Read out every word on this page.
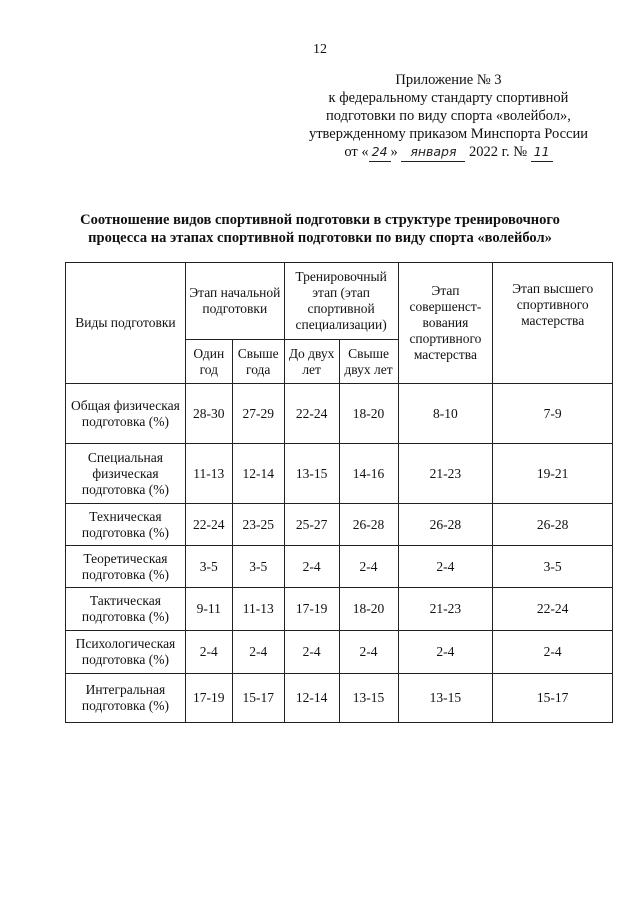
12
Приложение № 3
к федеральному стандарту спортивной
подготовки по виду спорта «волейбол»,
утвержденному приказом Минспорта России
от « 24 » января 2022 г. № 11
Соотношение видов спортивной подготовки в структуре тренировочного
процесса на этапах спортивной подготовки по виду спорта «волейбол»
Виды подготовки	Этап начальной подготовки		Тренировочный этап (этап спортивной специализации)		Этап совершенст-вования спортивного мастерства	Этап высшего спортивного мастерства
	Один год	Свыше года	До двух лет	Свыше двух лет		
Общая физическая подготовка (%)	28-30	27-29	22-24	18-20	8-10	7-9
Специальная физическая подготовка (%)	11-13	12-14	13-15	14-16	21-23	19-21
Техническая подготовка (%)	22-24	23-25	25-27	26-28	26-28	26-28
Теоретическая подготовка (%)	3-5	3-5	2-4	2-4	2-4	3-5
Тактическая подготовка (%)	9-11	11-13	17-19	18-20	21-23	22-24
Психологическая подготовка (%)	2-4	2-4	2-4	2-4	2-4	2-4
Интегральная подготовка (%)	17-19	15-17	12-14	13-15	13-15	15-17
